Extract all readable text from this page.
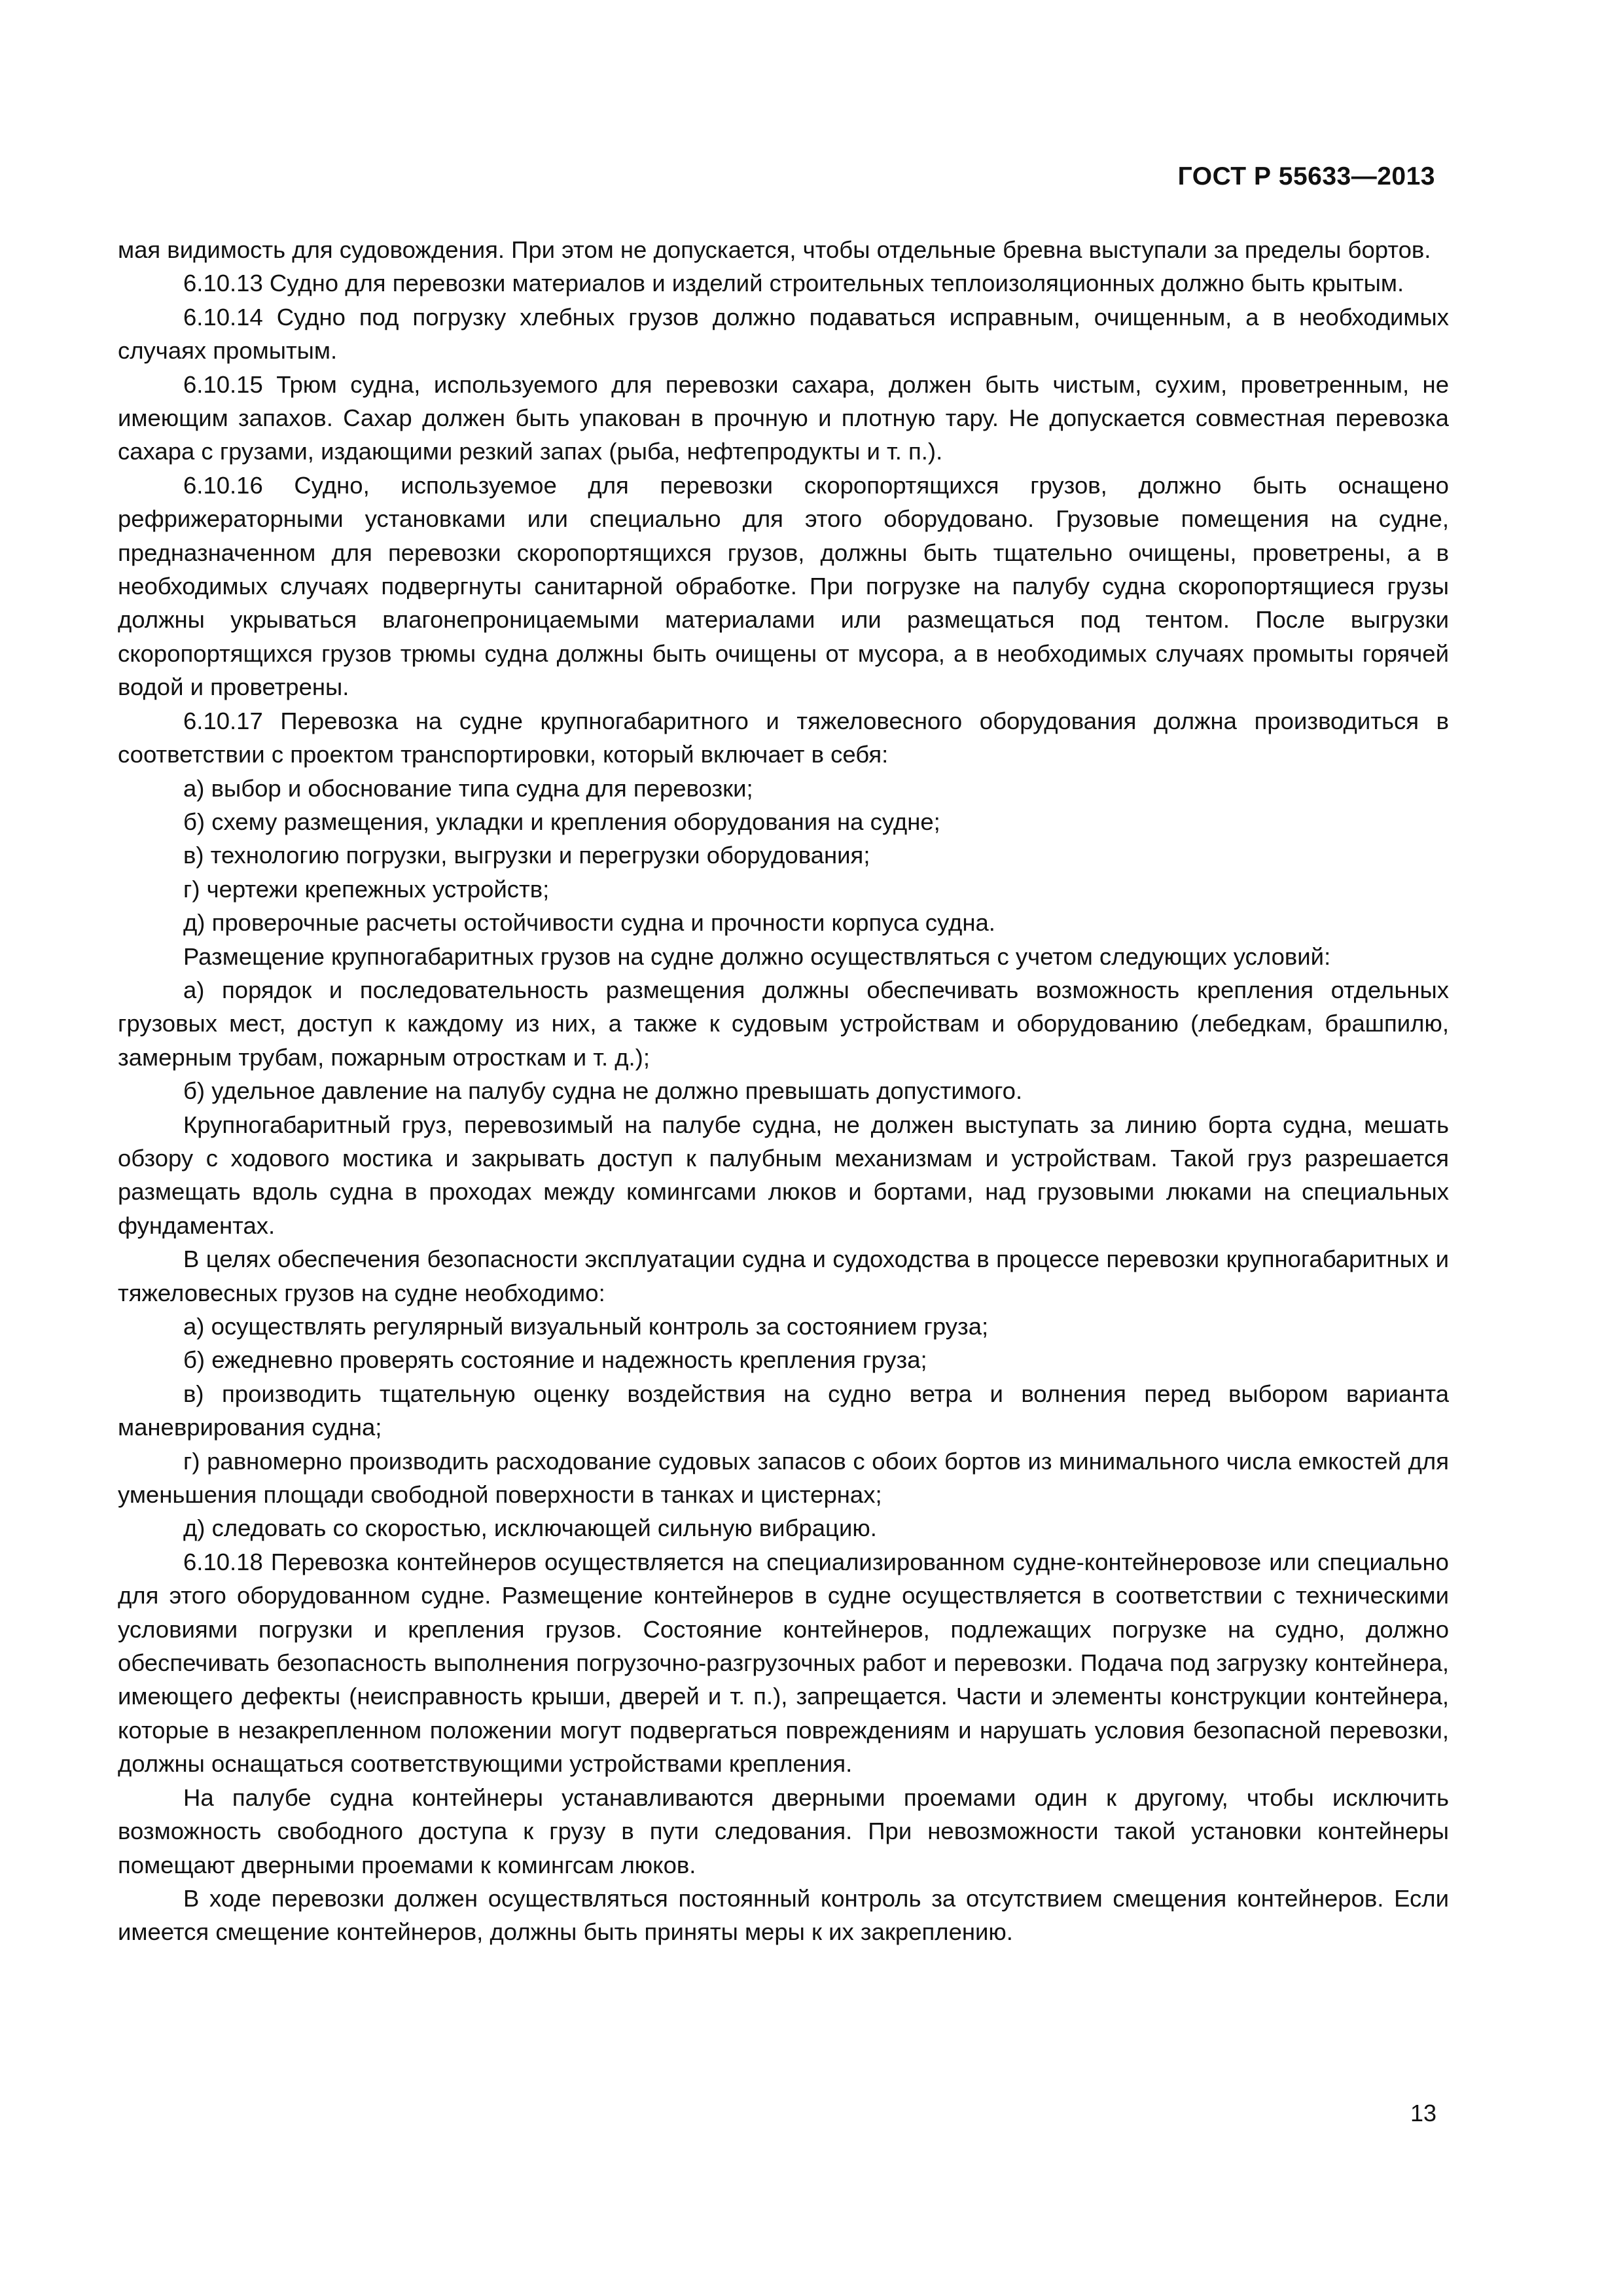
ГОСТ Р 55633—2013

мая видимость для судовождения. При этом не допускается, чтобы отдельные бревна выступали за пределы бортов.

6.10.13 Судно для перевозки материалов и изделий строительных теплоизоляционных должно быть крытым.

6.10.14 Судно под погрузку хлебных грузов должно подаваться исправным, очищенным, а в необходимых случаях промытым.

6.10.15 Трюм судна, используемого для перевозки сахара, должен быть чистым, сухим, проветренным, не имеющим запахов. Сахар должен быть упакован в прочную и плотную тару. Не допускается совместная перевозка сахара с грузами, издающими резкий запах (рыба, нефтепродукты и т. п.).

6.10.16 Судно, используемое для перевозки скоропортящихся грузов, должно быть оснащено рефрижераторными установками или специально для этого оборудовано. Грузовые помещения на судне, предназначенном для перевозки скоропортящихся грузов, должны быть тщательно очищены, проветрены, а в необходимых случаях подвергнуты санитарной обработке. При погрузке на палубу судна скоропортящиеся грузы должны укрываться влагонепроницаемыми материалами или размещаться под тентом. После выгрузки скоропортящихся грузов трюмы судна должны быть очищены от мусора, а в необходимых случаях промыты горячей водой и проветрены.

6.10.17 Перевозка на судне крупногабаритного и тяжеловесного оборудования должна производиться в соответствии с проектом транспортировки, который включает в себя:

а) выбор и обоснование типа судна для перевозки;

б) схему размещения, укладки и крепления оборудования на судне;

в) технологию погрузки, выгрузки и перегрузки оборудования;

г) чертежи крепежных устройств;

д) проверочные расчеты остойчивости судна и прочности корпуса судна.

Размещение крупногабаритных грузов на судне должно осуществляться с учетом следующих условий:

а) порядок и последовательность размещения должны обеспечивать возможность крепления отдельных грузовых мест, доступ к каждому из них, а также к судовым устройствам и оборудованию (лебедкам, брашпилю, замерным трубам, пожарным отросткам и т. д.);

б) удельное давление на палубу судна не должно превышать допустимого.

Крупногабаритный груз, перевозимый на палубе судна, не должен выступать за линию борта судна, мешать обзору с ходового мостика и закрывать доступ к палубным механизмам и устройствам. Такой груз разрешается размещать вдоль судна в проходах между комингсами люков и бортами, над грузовыми люками на специальных фундаментах.

В целях обеспечения безопасности эксплуатации судна и судоходства в процессе перевозки крупногабаритных и тяжеловесных грузов на судне необходимо:

а) осуществлять регулярный визуальный контроль за состоянием груза;

б) ежедневно проверять состояние и надежность крепления груза;

в) производить тщательную оценку воздействия на судно ветра и волнения перед выбором варианта маневрирования судна;

г) равномерно производить расходование судовых запасов с обоих бортов из минимального числа емкостей для уменьшения площади свободной поверхности в танках и цистернах;

д) следовать со скоростью, исключающей сильную вибрацию.

6.10.18 Перевозка контейнеров осуществляется на специализированном судне-контейнеровозе или специально для этого оборудованном судне. Размещение контейнеров в судне осуществляется в соответствии с техническими условиями погрузки и крепления грузов. Состояние контейнеров, подлежащих погрузке на судно, должно обеспечивать безопасность выполнения погрузочно-разгрузочных работ и перевозки. Подача под загрузку контейнера, имеющего дефекты (неисправность крыши, дверей и т. п.), запрещается. Части и элементы конструкции контейнера, которые в незакрепленном положении могут подвергаться повреждениям и нарушать условия безопасной перевозки, должны оснащаться соответствующими устройствами крепления.

На палубе судна контейнеры устанавливаются дверными проемами один к другому, чтобы исключить возможность свободного доступа к грузу в пути следования. При невозможности такой установки контейнеры помещают дверными проемами к комингсам люков.

В ходе перевозки должен осуществляться постоянный контроль за отсутствием смещения контейнеров. Если имеется смещение контейнеров, должны быть приняты меры к их закреплению.

13
